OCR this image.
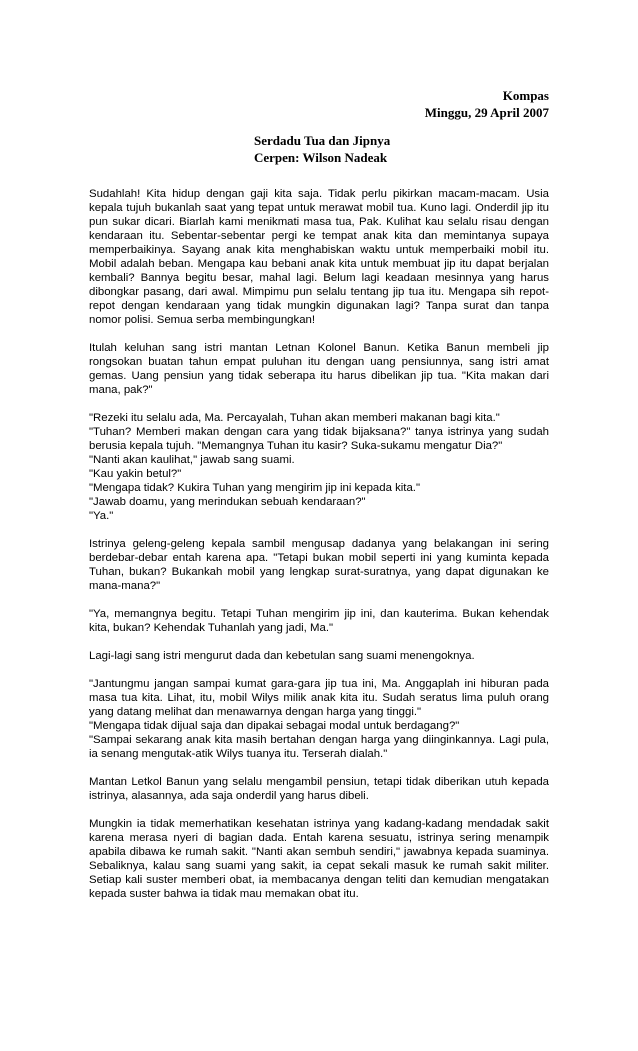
Kompas
Minggu, 29 April 2007
Serdadu Tua dan Jipnya
Cerpen: Wilson Nadeak

Sudahlah! Kita hidup dengan gaji kita saja. Tidak perlu pikirkan macam-macam. Usia kepala tujuh bukanlah saat yang tepat untuk merawat mobil tua. Kuno lagi. Onderdil jip itu pun sukar dicari. Biarlah kami menikmati masa tua, Pak. Kulihat kau selalu risau dengan kendaraan itu. Sebentar-sebentar pergi ke tempat anak kita dan memintanya supaya memperbaikinya. Sayang anak kita menghabiskan waktu untuk memperbaiki mobil itu. Mobil adalah beban. Mengapa kau bebani anak kita untuk membuat jip itu dapat berjalan kembali? Bannya begitu besar, mahal lagi. Belum lagi keadaan mesinnya yang harus dibongkar pasang, dari awal. Mimpimu pun selalu tentang jip tua itu. Mengapa sih repot-repot dengan kendaraan yang tidak mungkin digunakan lagi? Tanpa surat dan tanpa nomor polisi. Semua serba membingungkan!

Itulah keluhan sang istri mantan Letnan Kolonel Banun. Ketika Banun membeli jip rongsokan buatan tahun empat puluhan itu dengan uang pensiunnya, sang istri amat gemas. Uang pensiun yang tidak seberapa itu harus dibelikan jip tua. "Kita makan dari mana, pak?"

"Rezeki itu selalu ada, Ma. Percayalah, Tuhan akan memberi makanan bagi kita."

"Tuhan? Memberi makan dengan cara yang tidak bijaksana?" tanya istrinya yang sudah berusia kepala tujuh. "Memangnya Tuhan itu kasir? Suka-sukamu mengatur Dia?"

"Nanti akan kaulihat," jawab sang suami.

"Kau yakin betul?"

"Mengapa tidak? Kukira Tuhan yang mengirim jip ini kepada kita."

"Jawab doamu, yang merindukan sebuah kendaraan?"

"Ya."

Istrinya geleng-geleng kepala sambil mengusap dadanya yang belakangan ini sering berdebar-debar entah karena apa. "Tetapi bukan mobil seperti ini yang kuminta kepada Tuhan, bukan? Bukankah mobil yang lengkap surat-suratnya, yang dapat digunakan ke mana-mana?"

"Ya, memangnya begitu. Tetapi Tuhan mengirim jip ini, dan kauterima. Bukan kehendak kita, bukan? Kehendak Tuhanlah yang jadi, Ma."

Lagi-lagi sang istri mengurut dada dan kebetulan sang suami menengoknya.

"Jantungmu jangan sampai kumat gara-gara jip tua ini, Ma. Anggaplah ini hiburan pada masa tua kita. Lihat, itu, mobil Wilys milik anak kita itu. Sudah seratus lima puluh orang yang datang melihat dan menawarnya dengan harga yang tinggi."

"Mengapa tidak dijual saja dan dipakai sebagai modal untuk berdagang?"

"Sampai sekarang anak kita masih bertahan dengan harga yang diinginkannya. Lagi pula, ia senang mengutak-atik Wilys tuanya itu. Terserah dialah."

Mantan Letkol Banun yang selalu mengambil pensiun, tetapi tidak diberikan utuh kepada istrinya, alasannya, ada saja onderdil yang harus dibeli.

Mungkin ia tidak memerhatikan kesehatan istrinya yang kadang-kadang mendadak sakit karena merasa nyeri di bagian dada. Entah karena sesuatu, istrinya sering menampik apabila dibawa ke rumah sakit. "Nanti akan sembuh sendiri," jawabnya kepada suaminya. Sebaliknya, kalau sang suami yang sakit, ia cepat sekali masuk ke rumah sakit militer. Setiap kali suster memberi obat, ia membacanya dengan teliti dan kemudian mengatakan kepada suster bahwa ia tidak mau memakan obat itu.
